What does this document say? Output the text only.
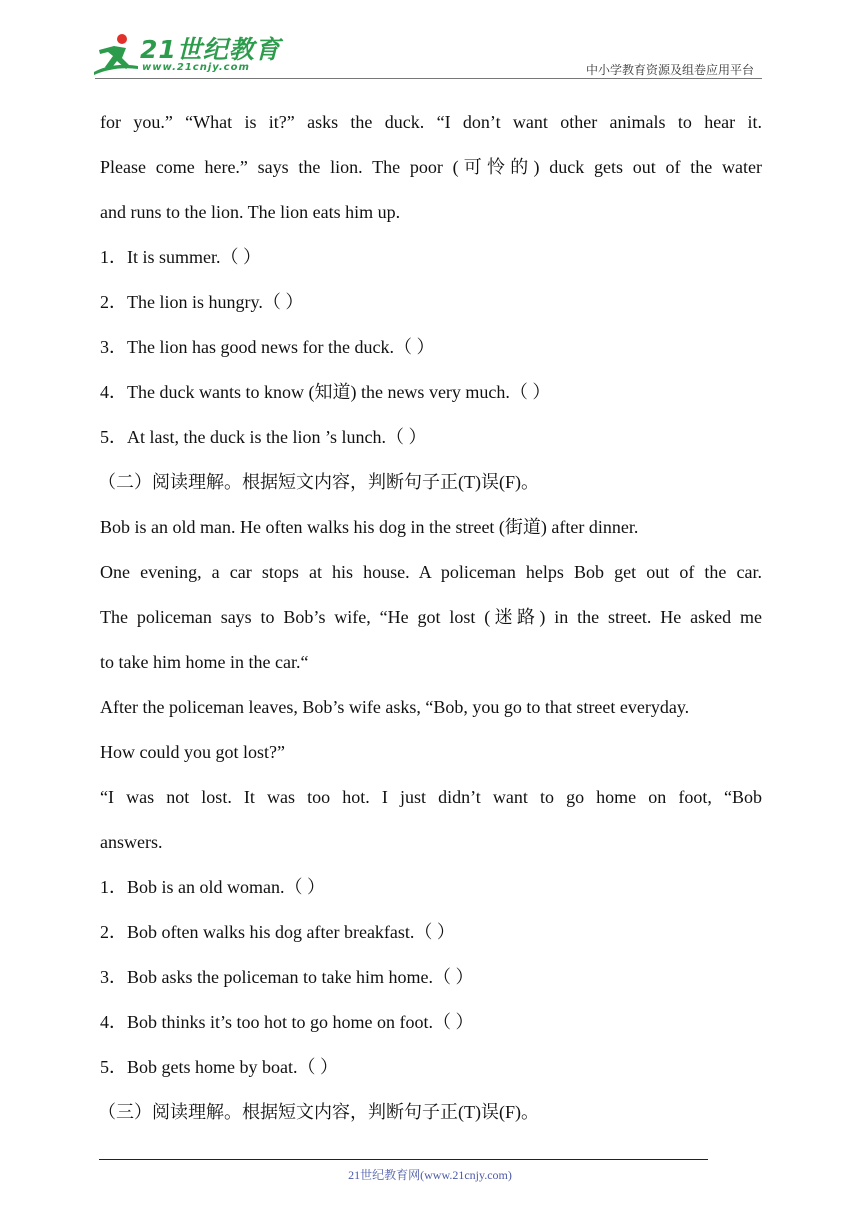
21世纪教育
www.21cnjy.com	中小学教育资源及组卷应用平台
for you.” “What is it?” asks the duck. “I don’t want other animals to hear it.
Please come here.” says the lion. The poor (可怜的) duck gets out of the water
and runs to the lion. The lion eats him up.
1．It is summer.（ ）
2．The lion is hungry.（ ）
3．The lion has good news for the duck.（ ）
4．The duck wants to know (知道) the news very much.（ ）
5．At last, the duck is the lion ’s lunch.（ ）
（二）阅读理解。根据短文内容，判断句子正(T)误(F)。
Bob is an old man. He often walks his dog in the street (街道) after dinner.
One evening, a car stops at his house. A policeman helps Bob get out of the car.
The policeman says to Bob’s wife, “He got lost (迷路) in the street. He asked me
to take him home in the car.“
After the policeman leaves, Bob’s wife asks, “Bob, you go to that street everyday.
How could you got lost?”
“I was not lost. It was too hot. I just didn’t want to go home on foot, “Bob
answers.
1．Bob is an old woman.（ ）
2．Bob often walks his dog after breakfast.（ ）
3．Bob asks the policeman to take him home.（ ）
4．Bob thinks it’s too hot to go home on foot.（ ）
5．Bob gets home by boat.（ ）
（三）阅读理解。根据短文内容，判断句子正(T)误(F)。
21世纪教育网(www.21cnjy.com)
